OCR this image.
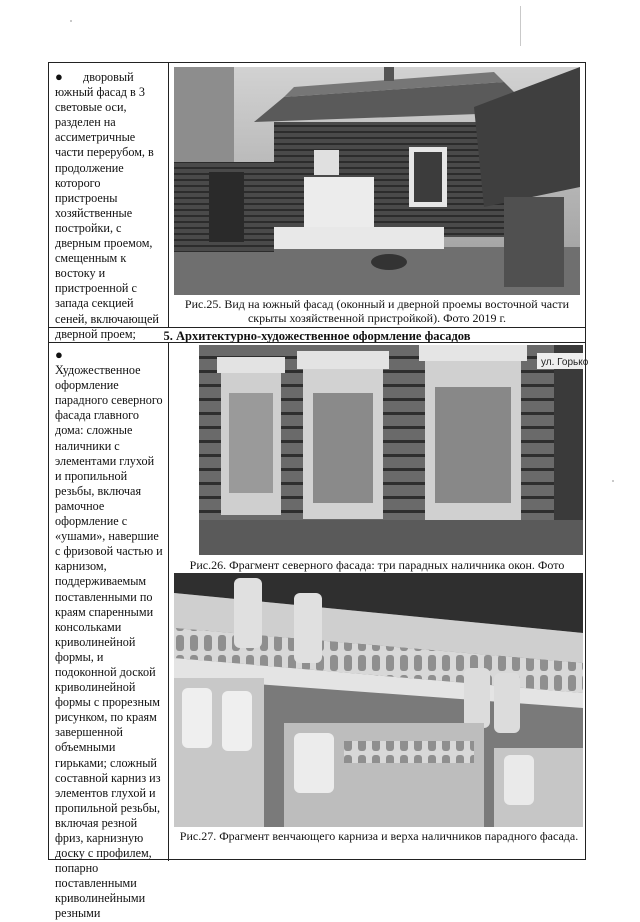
● дворовый южный фасад в 3 световые оси, разделен на ассиметричные части перерубом, в продолжение которого пристроены хозяйственные постройки, с дверным проемом, смещенным к востоку и пристроенной с запада секцией сеней, включающей дверной проем;
Рис.25. Вид на южный фасад (оконный и дверной проемы восточной части скрыты хозяйственной пристройкой). Фото 2019 г.
5. Архитектурно-художественное оформление фасадов
●Художественное оформление парадного северного фасада главного дома: сложные наличники с элементами глухой и пропильной резьбы, включая рамочное оформление с «ушами», навершие с фризовой частью и карнизом, поддерживаемым поставленными по краям спаренными консольками криволинейной формы, и подоконной доской криволинейной формы с прорезным рисунком, по краям завершенной объемными гирьками; сложный составной карниз из элементов глухой и пропильной резьбы, включая резной фриз, карнизную доску с профилем, попарно поставленными криволинейными резными
ул. Горько
Рис.26. Фрагмент северного фасада: три парадных наличника окон. Фото
Рис.27. Фрагмент венчающего карниза и верха наличников парадного фасада.
